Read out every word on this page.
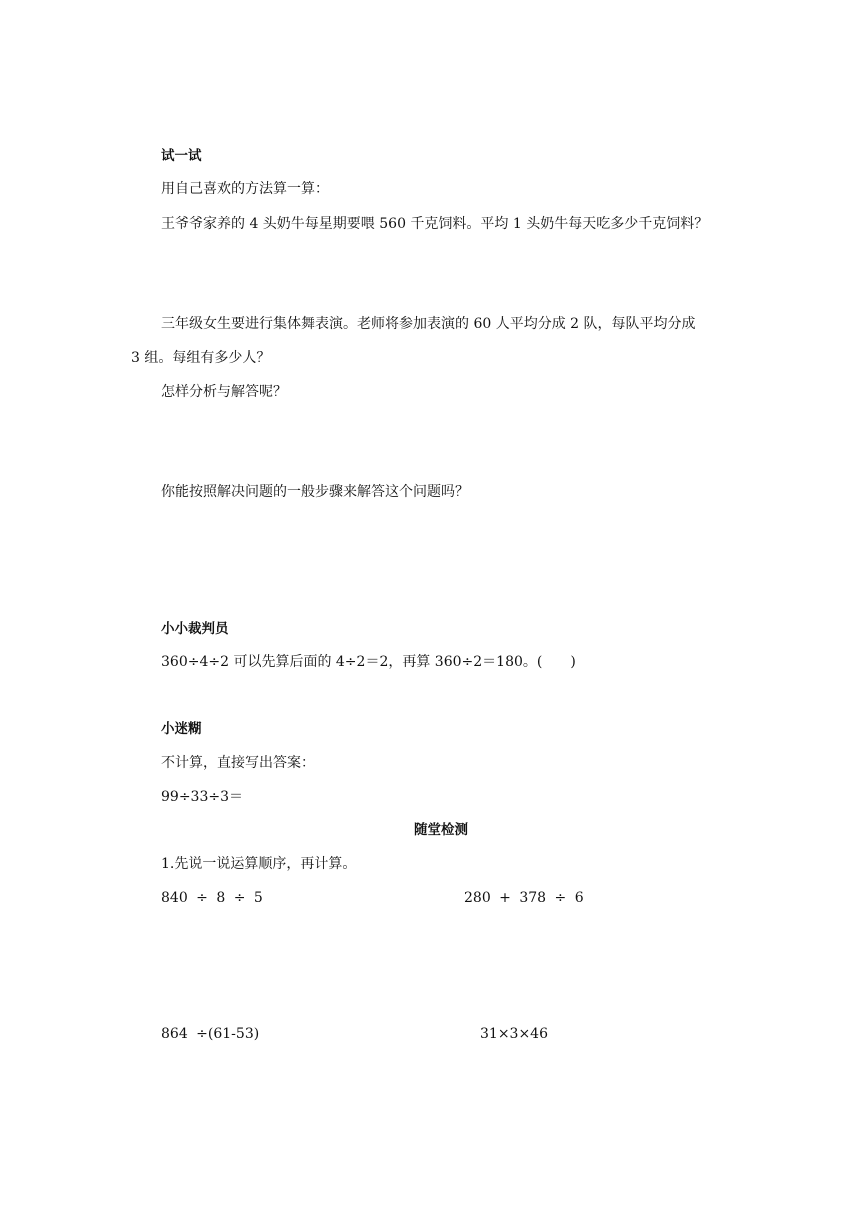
试一试
用自己喜欢的方法算一算：
王爷爷家养的 4 头奶牛每星期要喂 560 千克饲料。平均 1 头奶牛每天吃多少千克饲料？
三年级女生要进行集体舞表演。老师将参加表演的 60 人平均分成 2 队，每队平均分成
3 组。每组有多少人？
怎样分析与解答呢？
你能按照解决问题的一般步骤来解答这个问题吗？
小小裁判员
360÷4÷2 可以先算后面的 4÷2＝2，再算 360÷2＝180。(　　)
小迷糊
不计算，直接写出答案：
99÷33÷3＝
随堂检测
1.先说一说运算顺序，再计算。
840 ÷ 8 ÷ 5	280 + 378 ÷ 6
864 ÷(61-53)	31×3×46
